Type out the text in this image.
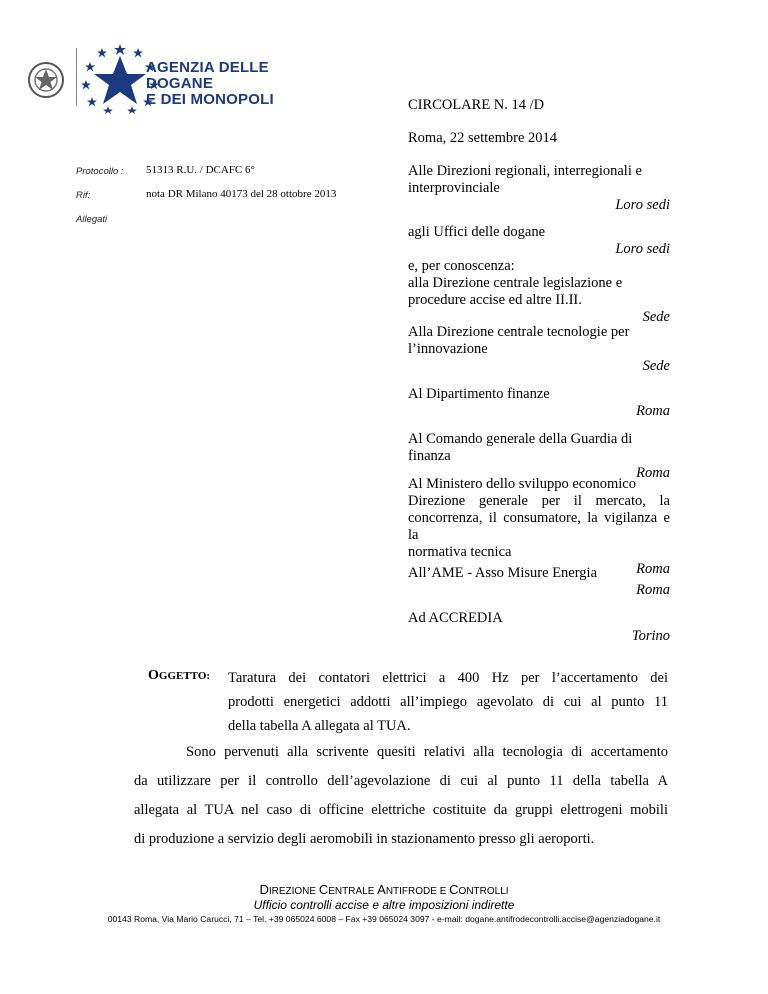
AGENZIA DELLE DOGANE
E DEI MONOPOLI	CIRCOLARE N. 14 /D
Roma, 22 settembre 2014
Protocollo : 51313 R.U. / DCAFC 6°
Rif:	nota DR Milano 40173 del 28 ottobre 2013
Allegati
Alle Direzioni regionali, interregionali e
interprovinciale
Loro sedi
agli Uffici delle dogane
Loro sedi
e, per conoscenza:
alla Direzione centrale legislazione e
procedure accise ed altre II.II.
Sede
Alla Direzione centrale tecnologie per
l’innovazione
Sede
Al Dipartimento finanze
Roma
Al Comando generale della Guardia di finanza
Roma
Al Ministero dello sviluppo economico
Direzione generale per il mercato, la
concorrenza, il consumatore, la vigilanza e la
normativa tecnica
Roma
All’AME - Asso Misure Energia
Roma
Ad ACCREDIA
Torino
OGGETTO: Taratura dei contatori elettrici a 400 Hz per l’accertamento dei
prodotti energetici addotti all’impiego agevolato di cui al punto 11
della tabella A allegata al TUA.
Sono pervenuti alla scrivente quesiti relativi alla tecnologia di accertamento
da utilizzare per il controllo dell’agevolazione di cui al punto 11 della tabella A
allegata al TUA nel caso di officine elettriche costituite da gruppi elettrogeni mobili
di produzione a servizio degli aeromobili in stazionamento presso gli aeroporti.
DIREZIONE CENTRALE ANTIFRODE E CONTROLLI
Ufficio controlli accise e altre imposizioni indirette
00143 Roma, Via Mario Carucci, 71 – Tel. +39 065024 6008 – Fax +39 065024 3097 - e-mail: dogane.antifrodecontrolli.accise@agenziadogane.it
